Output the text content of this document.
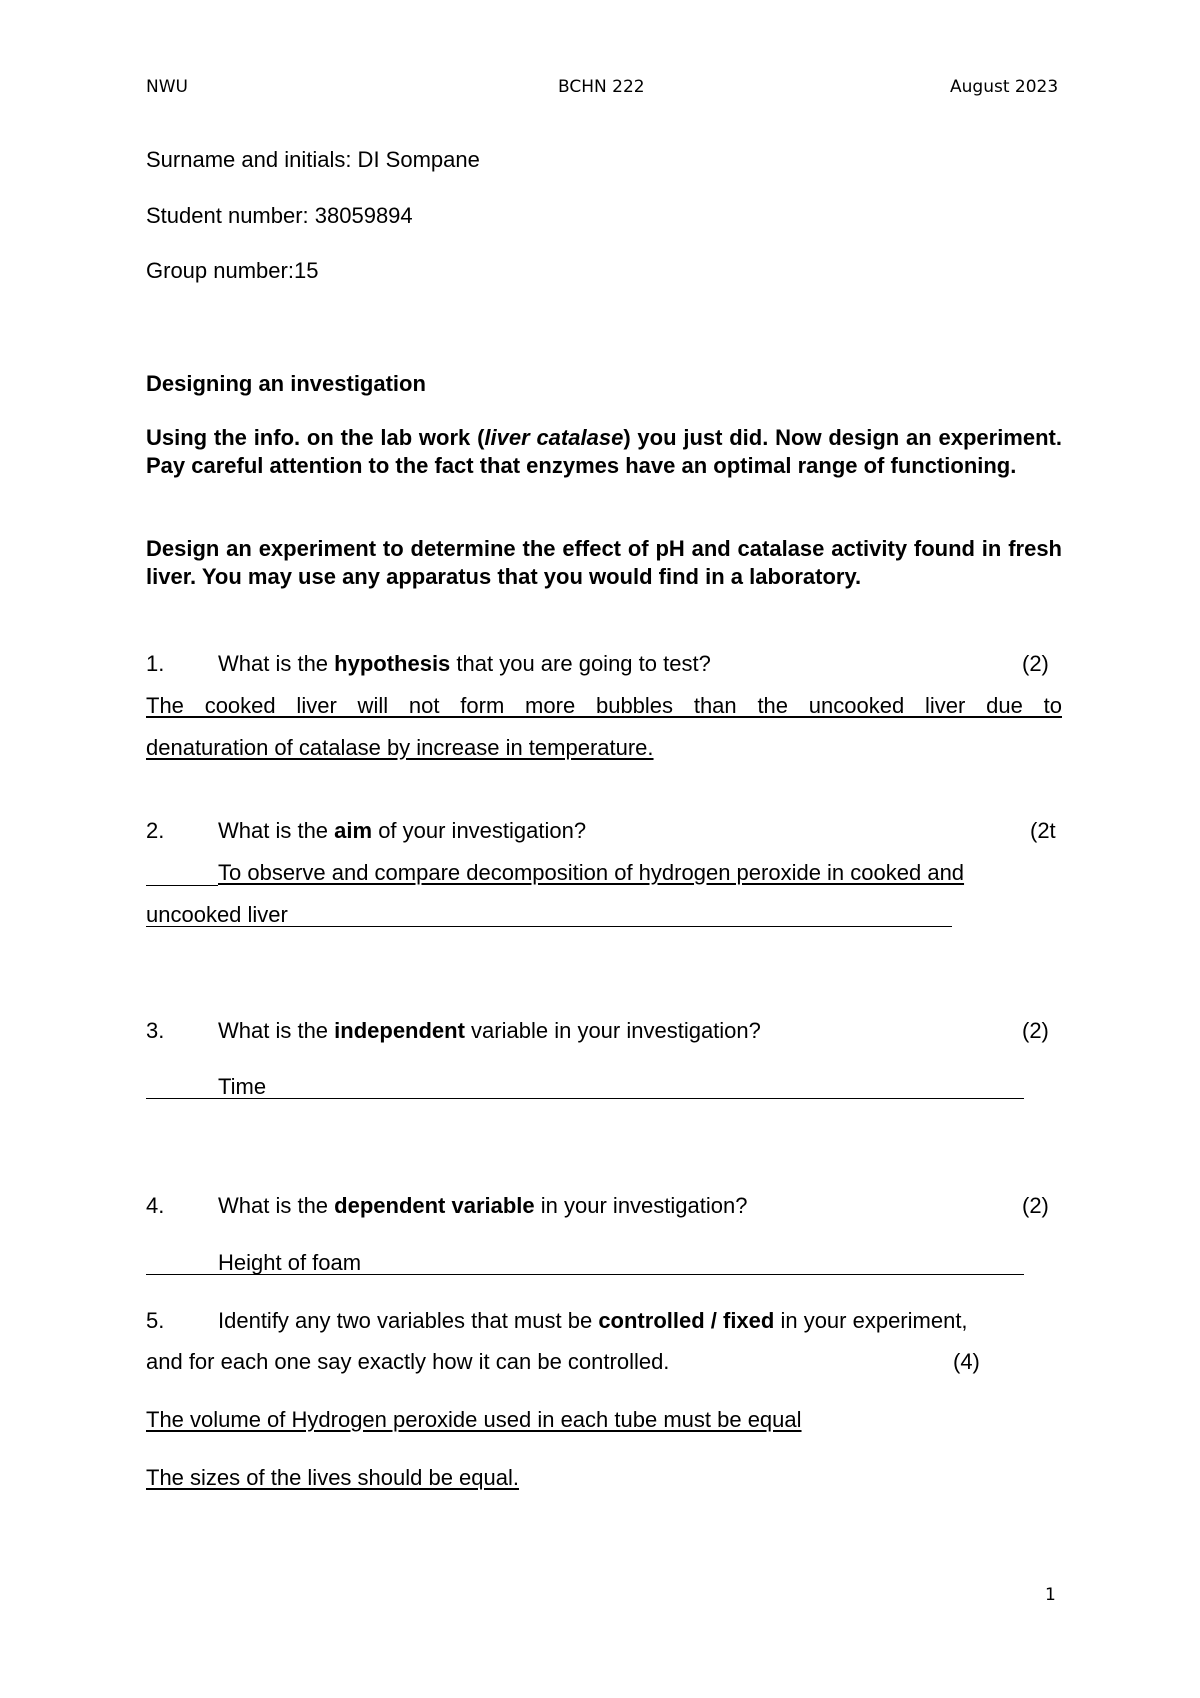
NWU	BCHN 222	August 2023
Surname and initials: DI Sompane
Student number: 38059894
Group number:15
Designing an investigation
Using the info. on the lab work (liver catalase) you just did. Now design an experiment. Pay careful attention to the fact that enzymes have an optimal range of functioning.
Design an experiment to determine the effect of pH and catalase activity found in fresh liver. You may use any apparatus that you would find in a laboratory.
1. What is the hypothesis that you are going to test?	(2)
The cooked liver will not form more bubbles than the uncooked liver due to
denaturation of catalase by increase in temperature.
2. What is the aim of your investigation?	(2t
To observe and compare decomposition of hydrogen peroxide in cooked and
uncooked liver
3. What is the independent variable in your investigation?	(2)
Time
4. What is the dependent variable in your investigation?	(2)
Height of foam
5. Identify any two variables that must be controlled / fixed in your experiment,
and for each one say exactly how it can be controlled.	(4)
The volume of Hydrogen peroxide used in each tube must be equal
The sizes of the lives should be equal.
1
